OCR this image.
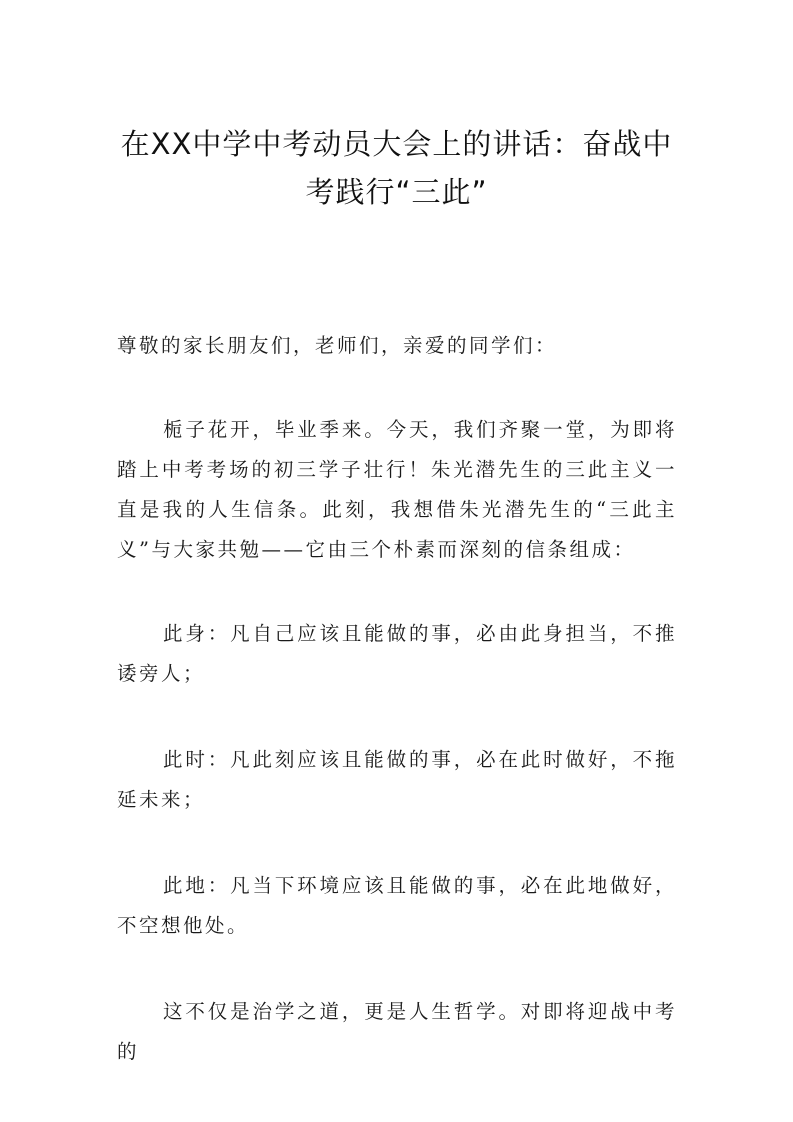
在XX中学中考动员大会上的讲话：奋战中
考践行“三此”

尊敬的家长朋友们，老师们，亲爱的同学们：

栀子花开，毕业季来。今天，我们齐聚一堂，为即将踏上中考考场的初三学子壮行！朱光潜先生的三此主义一直是我的人生信条。此刻，我想借朱光潜先生的“三此主义”与大家共勉——它由三个朴素而深刻的信条组成：

此身：凡自己应该且能做的事，必由此身担当，不推诿旁人；

此时：凡此刻应该且能做的事，必在此时做好，不拖延未来；

此地：凡当下环境应该且能做的事，必在此地做好，不空想他处。

这不仅是治学之道，更是人生哲学。对即将迎战中考的
